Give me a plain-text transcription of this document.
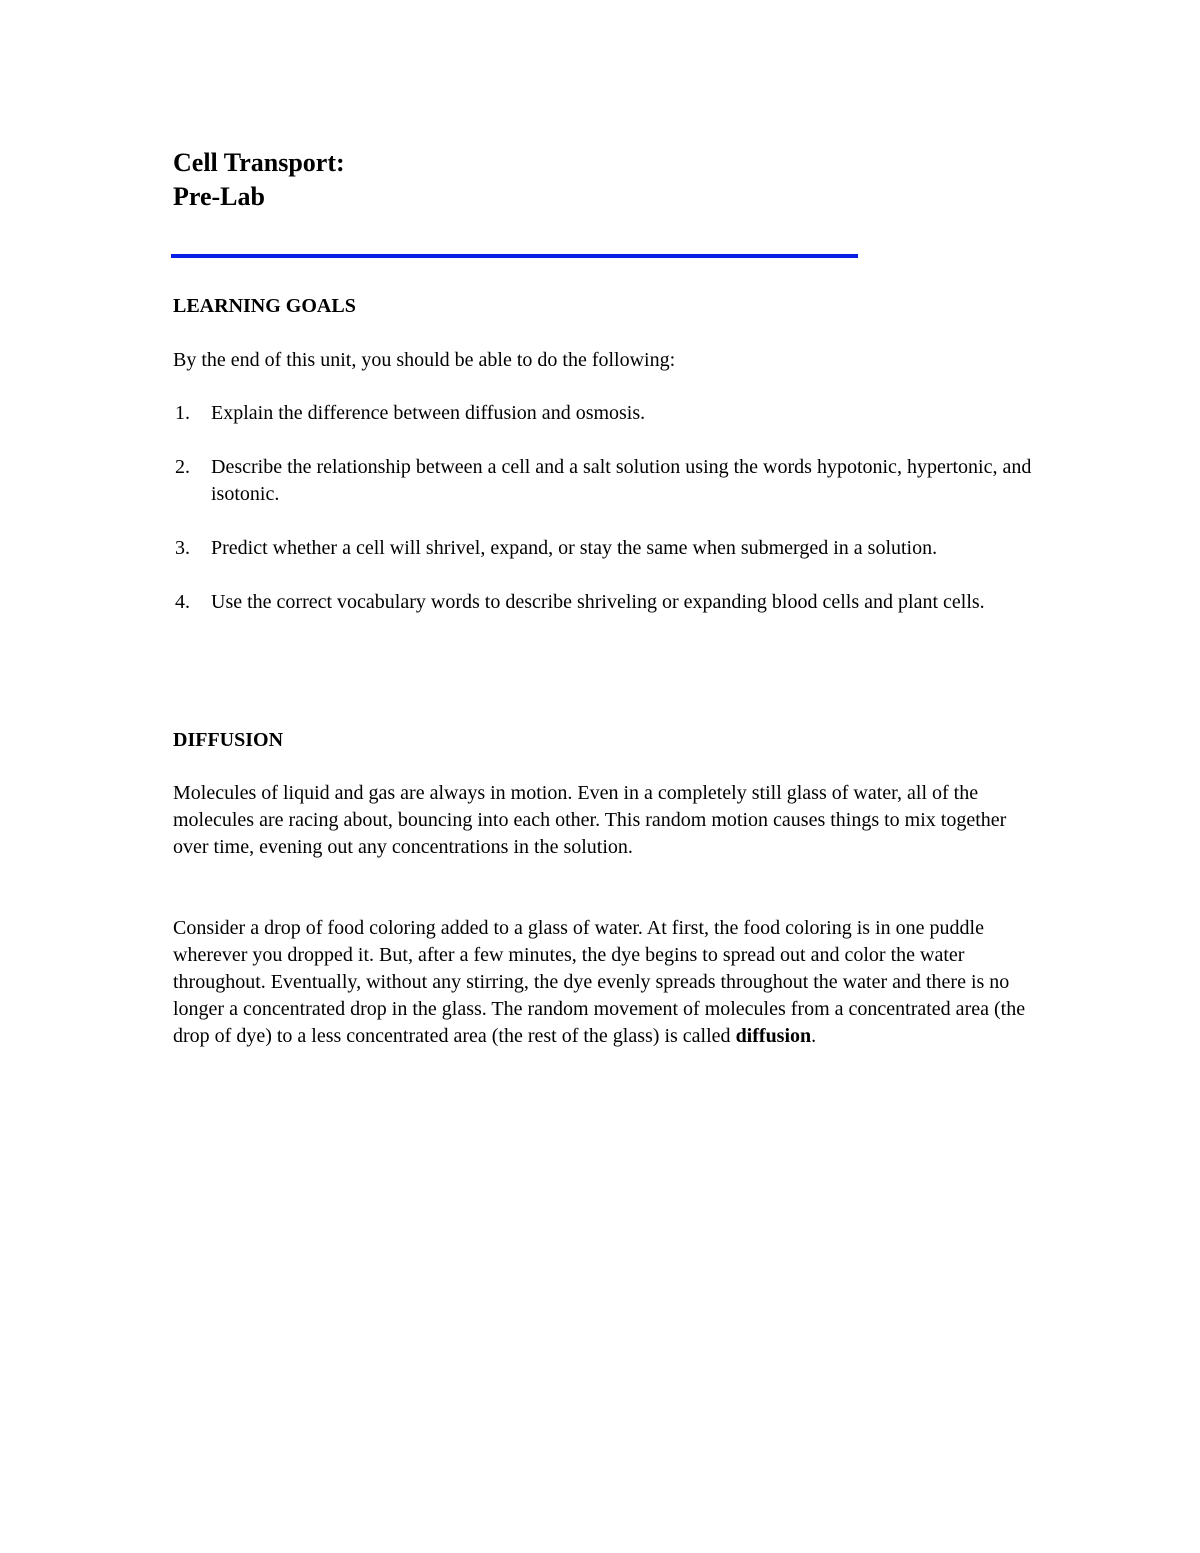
Cell Transport:
Pre-Lab
LEARNING GOALS
By the end of this unit, you should be able to do the following:
1. Explain the difference between diffusion and osmosis.
2. Describe the relationship between a cell and a salt solution using the words hypotonic, hypertonic, and isotonic.
3. Predict whether a cell will shrivel, expand, or stay the same when submerged in a solution.
4. Use the correct vocabulary words to describe shriveling or expanding blood cells and plant cells.
DIFFUSION
Molecules of liquid and gas are always in motion. Even in a completely still glass of water, all of the molecules are racing about, bouncing into each other. This random motion causes things to mix together over time, evening out any concentrations in the solution.
Consider a drop of food coloring added to a glass of water. At first, the food coloring is in one puddle wherever you dropped it. But, after a few minutes, the dye begins to spread out and color the water throughout. Eventually, without any stirring, the dye evenly spreads throughout the water and there is no longer a concentrated drop in the glass. The random movement of molecules from a concentrated area (the drop of dye) to a less concentrated area (the rest of the glass) is called diffusion.
